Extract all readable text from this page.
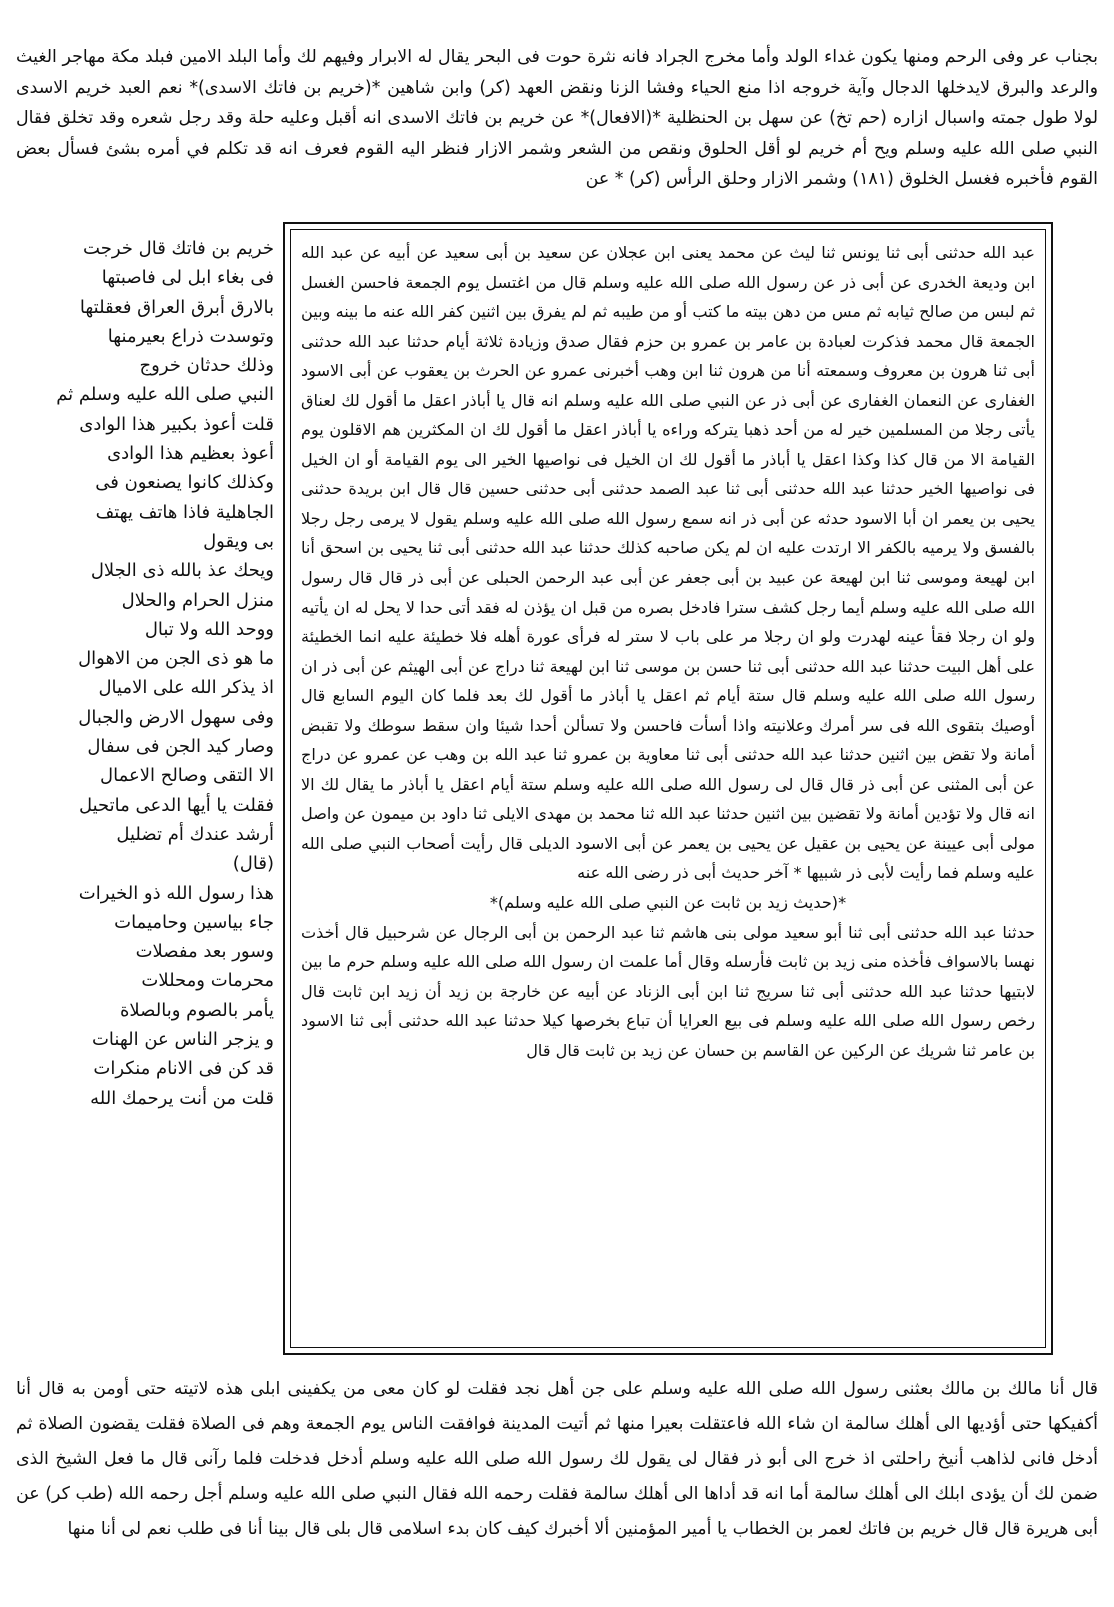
بجناب عر وفى الرحم ومنها يكون غداء الولد وأما مخرج الجراد فانه نثرة حوت فى البحر يقال له الابرار وفيهم لك وأما البلد الامين فبلد مكة مهاجر الغيث والرعد والبرق لايدخلها الدجال وآية خروجه اذا منع الحياء وفشا الزنا ونقض العهد (كر) وابن شاهين *(خريم بن فاتك الاسدى)* نعم العبد خريم الاسدى لولا طول جمته واسبال ازاره (حم تخ) عن سهل بن الحنظلية *(الافعال)* عن خريم بن فاتك الاسدى انه أقبل وعليه حلة وقد رجل شعره وقد تخلق فقال النبي صلى الله عليه وسلم ويح أم خريم لو أقل الحلوق ونقص من الشعر وشمر الازار فنظر اليه القوم فعرف انه قد تكلم في أمره بشئ فسأل بعض القوم فأخبره فغسل الخلوق (١٨١) وشمر الازار وحلق الرأس (كر) * عن
خريم بن فاتك قال خرجت
فى بغاء ابل لى فاصبتها
بالارق أبرق العراق فعقلتها
وتوسدت ذراع بعيرمنها
وذلك حدثان خروج
النبي صلى الله عليه وسلم ثم
قلت أعوذ بكبير هذا الوادى
أعوذ بعظيم هذا الوادى
وكذلك كانوا يصنعون فى
الجاهلية فاذا هاتف يهتف
بى ويقول
ويحك عذ بالله ذى الجلال
منزل الحرام والحلال
ووحد الله ولا تبال
ما هو ذى الجن من الاهوال
اذ يذكر الله على الاميال
وفى سهول الارض والجبال
وصار كيد الجن فى سفال
الا التقى وصالح الاعمال
فقلت يا أيها الدعى ماتحيل
أرشد عندك أم تضليل
(قال)
هذا رسول الله ذو الخيرات
جاء بياسين وحاميمات
وسور بعد مفصلات
محرمات ومحللات
يأمر بالصوم وبالصلاة
و يزجر الناس عن الهنات
قد كن فى الانام منكرات
قلت من أنت يرحمك الله
عبد الله حدثنى أبى ثنا يونس ثنا ليث عن محمد يعنى ابن عجلان عن سعيد بن أبى سعيد عن أبيه عن عبد الله ابن وديعة الخدرى عن أبى ذر عن رسول الله صلى الله عليه وسلم قال من اغتسل يوم الجمعة فاحسن الغسل ثم لبس من صالح ثيابه ثم مس من دهن بيته ما كتب أو من طيبه ثم لم يفرق بين اثنين كفر الله عنه ما بينه وبين الجمعة قال محمد فذكرت لعبادة بن عامر بن عمرو بن حزم فقال صدق وزيادة ثلاثة أيام حدثنا عبد الله حدثنى أبى ثنا هرون بن معروف وسمعته أنا من هرون ثنا ابن وهب أخبرنى عمرو عن الحرث بن يعقوب عن أبى الاسود الغفارى عن النعمان الغفارى عن أبى ذر عن النبي صلى الله عليه وسلم انه قال يا أباذر اعقل ما أقول لك لعناق يأتى رجلا من المسلمين خير له من أحد ذهبا يتركه وراءه يا أباذر اعقل ما أقول لك ان المكثرين هم الاقلون يوم القيامة الا من قال كذا وكذا اعقل يا أباذر ما أقول لك ان الخيل فى نواصيها الخير الى يوم القيامة أو ان الخيل فى نواصيها الخير حدثنا عبد الله حدثنى أبى ثنا عبد الصمد حدثنى أبى حدثنى حسين قال قال ابن بريدة حدثنى يحيى بن يعمر ان أبا الاسود حدثه عن أبى ذر انه سمع رسول الله صلى الله عليه وسلم يقول لا يرمى رجل رجلا بالفسق ولا يرميه بالكفر الا ارتدت عليه ان لم يكن صاحبه كذلك حدثنا عبد الله حدثنى أبى ثنا يحيى بن اسحق أنا ابن لهيعة وموسى ثنا ابن لهيعة عن عبيد بن أبى جعفر عن أبى عبد الرحمن الحبلى عن أبى ذر قال قال رسول الله صلى الله عليه وسلم أيما رجل كشف سترا فادخل بصره من قبل ان يؤذن له فقد أتى حدا لا يحل له ان يأتيه ولو ان رجلا فقأ عينه لهدرت ولو ان رجلا مر على باب لا ستر له فرأى عورة أهله فلا خطيئة عليه انما الخطيئة على أهل البيت حدثنا عبد الله حدثنى أبى ثنا حسن بن موسى ثنا ابن لهيعة ثنا دراج عن أبى الهيثم عن أبى ذر ان رسول الله صلى الله عليه وسلم قال ستة أيام ثم اعقل يا أباذر ما أقول لك بعد فلما كان اليوم السابع قال أوصيك بتقوى الله فى سر أمرك وعلانيته واذا أسأت فاحسن ولا تسألن أحدا شيئا وان سقط سوطك ولا تقبض أمانة ولا تقض بين اثنين حدثنا عبد الله حدثنى أبى ثنا معاوية بن عمرو ثنا عبد الله بن وهب عن عمرو عن دراج عن أبى المثنى عن أبى ذر قال قال لى رسول الله صلى الله عليه وسلم ستة أيام اعقل يا أباذر ما يقال لك الا انه قال ولا تؤدين أمانة ولا تقضين بين اثنين حدثنا عبد الله ثنا محمد بن مهدى الايلى ثنا داود بن ميمون عن واصل مولى أبى عيينة عن يحيى بن عقيل عن يحيى بن يعمر عن أبى الاسود الديلى قال رأيت أصحاب النبي صلى الله عليه وسلم فما رأيت لأبى ذر شبيها * آخر حديث أبى ذر رضى الله عنه
*(حديث زيد بن ثابت عن النبي صلى الله عليه وسلم)*
حدثنا عبد الله حدثنى أبى ثنا أبو سعيد مولى بنى هاشم ثنا عبد الرحمن بن أبى الرجال عن شرحبيل قال أخذت نهسا بالاسواف فأخذه منى زيد بن ثابت فأرسله وقال أما علمت ان رسول الله صلى الله عليه وسلم حرم ما بين لابتيها حدثنا عبد الله حدثنى أبى ثنا سريج ثنا ابن أبى الزناد عن أبيه عن خارجة بن زيد أن زيد ابن ثابت قال رخص رسول الله صلى الله عليه وسلم فى بيع العرايا أن تباع بخرصها كيلا حدثنا عبد الله حدثنى أبى ثنا الاسود بن عامر ثنا شريك عن الركين عن القاسم بن حسان عن زيد بن ثابت قال قال
قال أنا مالك بن مالك بعثنى رسول الله صلى الله عليه وسلم على جن أهل نجد فقلت لو كان معى من يكفينى ابلى هذه لاتيته حتى أومن به قال أنا أكفيكها حتى أؤديها الى أهلك سالمة ان شاء الله فاعتقلت بعيرا منها ثم أتيت المدينة فوافقت الناس يوم الجمعة وهم فى الصلاة فقلت يقضون الصلاة ثم أدخل فانى لذاهب أنيخ راحلتى اذ خرج الى أبو ذر فقال لى يقول لك رسول الله صلى الله عليه وسلم أدخل فدخلت فلما رآنى قال ما فعل الشيخ الذى ضمن لك أن يؤدى ابلك الى أهلك سالمة أما انه قد أداها الى أهلك سالمة فقلت رحمه الله فقال النبي صلى الله عليه وسلم أجل رحمه الله (طب كر) عن أبى هريرة قال قال خريم بن فاتك لعمر بن الخطاب يا أمير المؤمنين ألا أخبرك كيف كان بدء اسلامى قال بلى قال بينا أنا فى طلب نعم لى أنا منها
